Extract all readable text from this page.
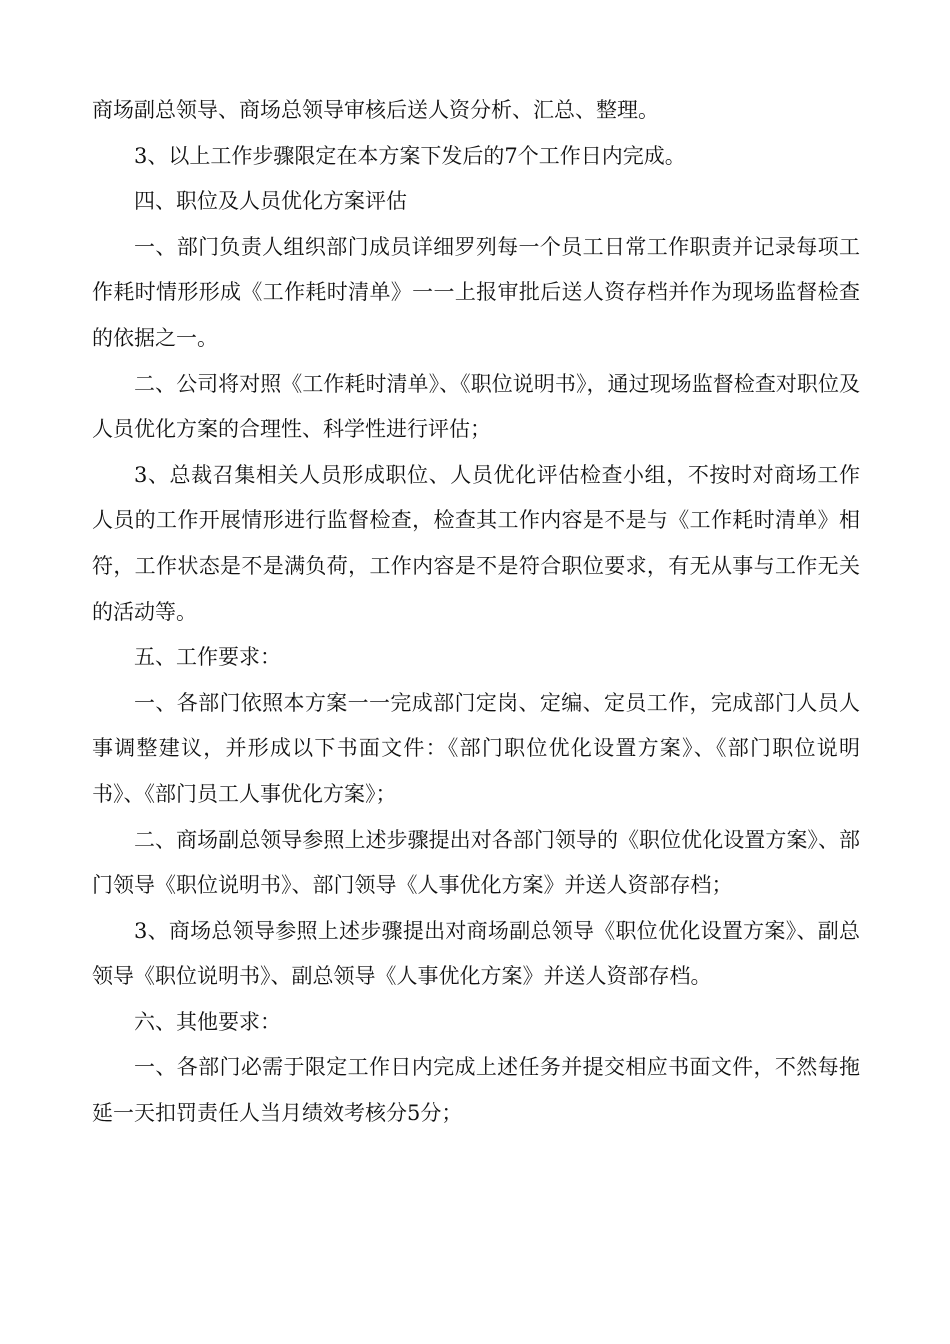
商场副总领导、商场总领导审核后送人资分析、汇总、整理。

3、以上工作步骤限定在本方案下发后的7个工作日内完成。

四、职位及人员优化方案评估

一、部门负责人组织部门成员详细罗列每一个员工日常工作职责并记录每项工作耗时情形形成《工作耗时清单》一一上报审批后送人资存档并作为现场监督检查的依据之一。

二、公司将对照《工作耗时清单》、《职位说明书》，通过现场监督检查对职位及人员优化方案的合理性、科学性进行评估；

3、总裁召集相关人员形成职位、人员优化评估检查小组，不按时对商场工作人员的工作开展情形进行监督检查，检查其工作内容是不是与《工作耗时清单》相符，工作状态是不是满负荷，工作内容是不是符合职位要求，有无从事与工作无关的活动等。

五、工作要求：

一、各部门依照本方案一一完成部门定岗、定编、定员工作，完成部门人员人事调整建议，并形成以下书面文件：《部门职位优化设置方案》、《部门职位说明书》、《部门员工人事优化方案》；

二、商场副总领导参照上述步骤提出对各部门领导的《职位优化设置方案》、部门领导《职位说明书》、部门领导《人事优化方案》并送人资部存档；

3、商场总领导参照上述步骤提出对商场副总领导《职位优化设置方案》、副总领导《职位说明书》、副总领导《人事优化方案》并送人资部存档。

六、其他要求：

一、各部门必需于限定工作日内完成上述任务并提交相应书面文件，不然每拖延一天扣罚责任人当月绩效考核分5分；
